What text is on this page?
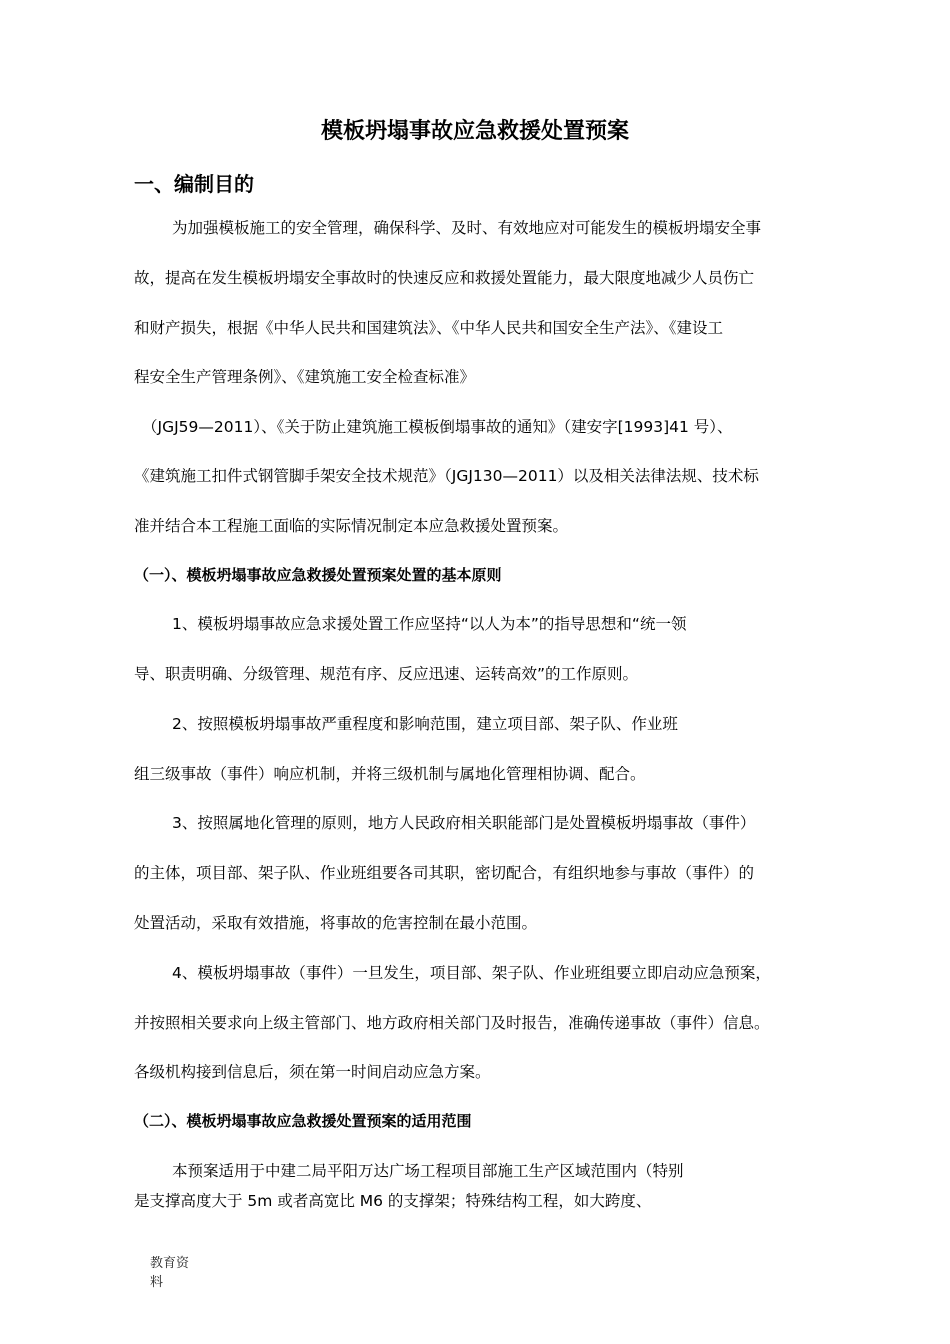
模板坍塌事故应急救援处置预案
一、编制目的
为加强模板施工的安全管理，确保科学、及时、有效地应对可能发生的模板坍塌安全事
故，提高在发生模板坍塌安全事故时的快速反应和救援处置能力，最大限度地减少人员伤亡
和财产损失，根据《中华人民共和国建筑法》、《中华人民共和国安全生产法》、《建设工
程安全生产管理条例》、《建筑施工安全检查标准》
（JGJ59—2011）、《关于防止建筑施工模板倒塌事故的通知》（建安字[1993]41 号）、
《建筑施工扣件式钢管脚手架安全技术规范》（JGJ130—2011）以及相关法律法规、技术标
准并结合本工程施工面临的实际情况制定本应急救援处置预案。
（一）、模板坍塌事故应急救援处置预案处置的基本原则
1、模板坍塌事故应急求援处置工作应坚持“以人为本”的指导思想和“统一领
导、职责明确、分级管理、规范有序、反应迅速、运转高效”的工作原则。
2、按照模板坍塌事故严重程度和影响范围，建立项目部、架子队、作业班
组三级事故（事件）响应机制，并将三级机制与属地化管理相协调、配合。
3、按照属地化管理的原则，地方人民政府相关职能部门是处置模板坍塌事故（事件）
的主体，项目部、架子队、作业班组要各司其职，密切配合，有组织地参与事故（事件）的
处置活动，采取有效措施，将事故的危害控制在最小范围。
4、模板坍塌事故（事件）一旦发生，项目部、架子队、作业班组要立即启动应急预案，
并按照相关要求向上级主管部门、地方政府相关部门及时报告，准确传递事故（事件）信息。
各级机构接到信息后，须在第一时间启动应急方案。
（二）、模板坍塌事故应急救援处置预案的适用范围
本预案适用于中建二局平阳万达广场工程项目部施工生产区域范围内（特别
是支撑高度大于 5m 或者高宽比 M6 的支撑架；特殊结构工程，如大跨度、
教育资料
